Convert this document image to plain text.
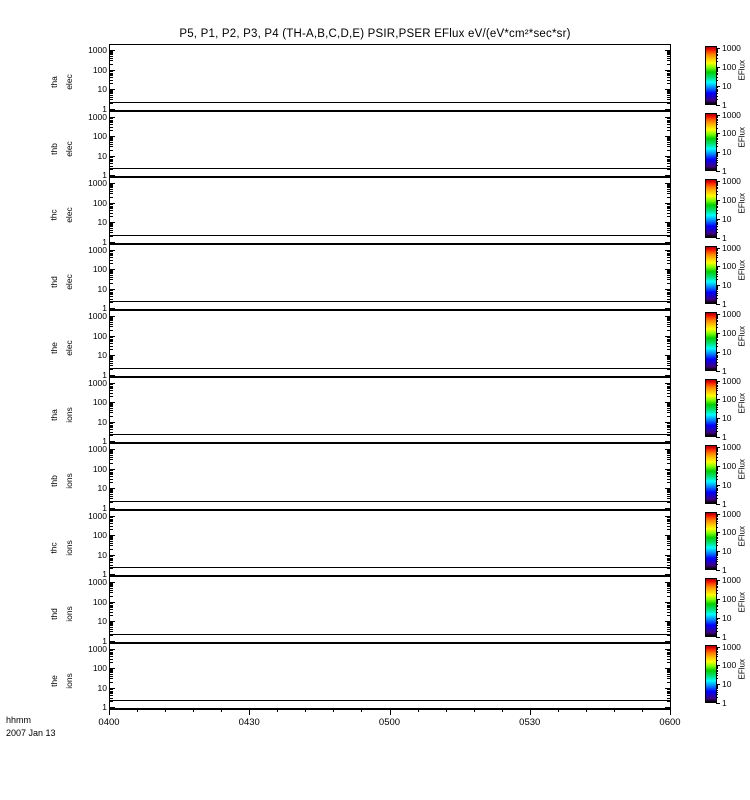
P5, P1, P2, P3, P4 (TH-A,B,C,D,E) PSIR,PSER EFlux eV/(eV*cm²*sec*sr)
0400	0430	0500	0530	0600
hhmm
2007 Jan 13
1
10
100
1000
tha elec
1
10
100
1000
EFlux
1
10
100
1000
thb elec
1
10
100
1000
EFlux
1
10
100
1000
thc elec
1
10
100
1000
EFlux
1
10
100
1000
thd elec
1
10
100
1000
EFlux
1
10
100
1000
the elec
1
10
100
1000
EFlux
1
10
100
1000
tha ions
1
10
100
1000
EFlux
1
10
100
1000
thb ions
1
10
100
1000
EFlux
1
10
100
1000
thc ions
1
10
100
1000
EFlux
1
10
100
1000
thd ions
1
10
100
1000
EFlux
1
10
100
1000
the ions
1
10
100
1000
EFlux
